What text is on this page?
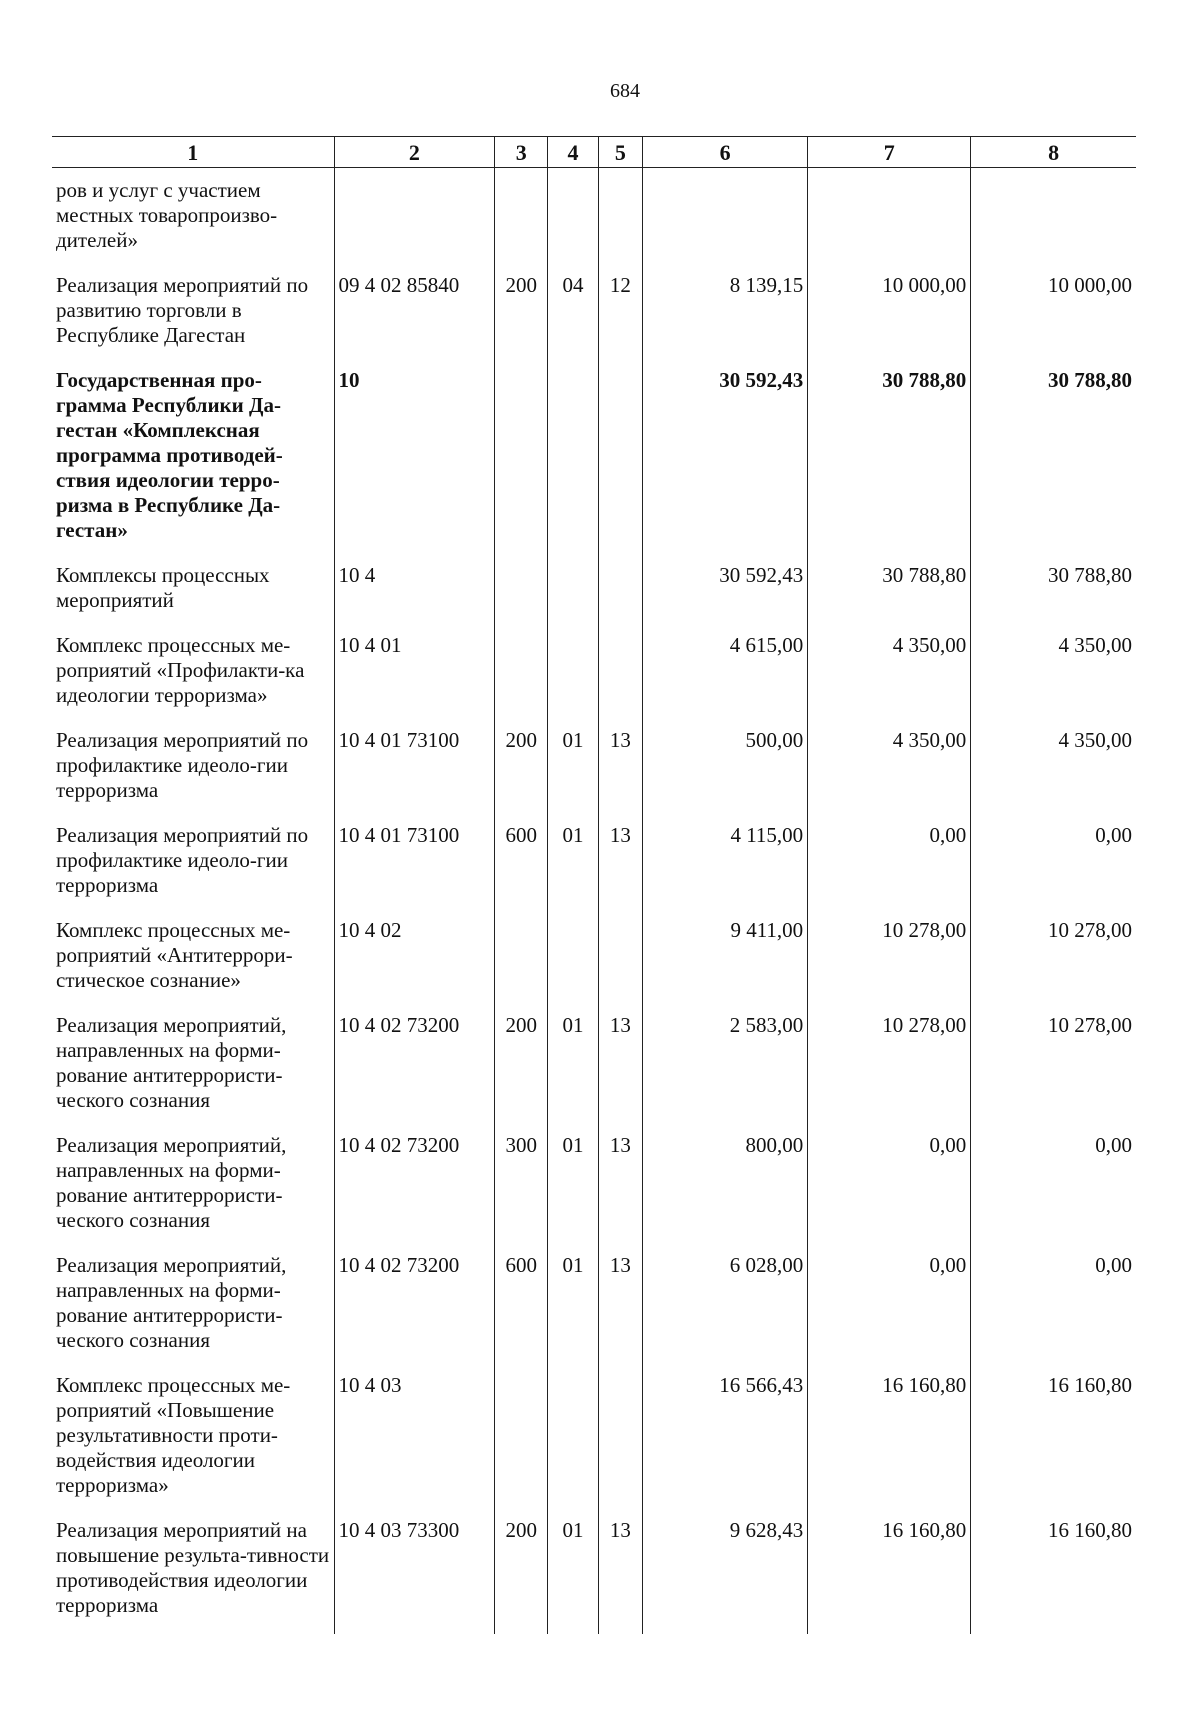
684
1	2	3	4	5	6	7	8
ров и услуг с участием местных товаропроизво-дителей»							
Реализация мероприятий по развитию торговли в Республике Дагестан	09 4 02 85840	200	04	12	8 139,15	10 000,00	10 000,00
Государственная про-грамма Республики Да-гестан «Комплексная программа противодей-ствия идеологии терро-ризма в Республике Да-гестан»	10				30 592,43	30 788,80	30 788,80
Комплексы процессных мероприятий	10 4				30 592,43	30 788,80	30 788,80
Комплекс процессных ме-роприятий «Профилакти-ка идеологии терроризма»	10 4 01				4 615,00	4 350,00	4 350,00
Реализация мероприятий по профилактике идеоло-гии терроризма	10 4 01 73100	200	01	13	500,00	4 350,00	4 350,00
Реализация мероприятий по профилактике идеоло-гии терроризма	10 4 01 73100	600	01	13	4 115,00	0,00	0,00
Комплекс процессных ме-роприятий «Антитеррори-стическое сознание»	10 4 02				9 411,00	10 278,00	10 278,00
Реализация мероприятий, направленных на форми-рование антитеррористи-ческого сознания	10 4 02 73200	200	01	13	2 583,00	10 278,00	10 278,00
Реализация мероприятий, направленных на форми-рование антитеррористи-ческого сознания	10 4 02 73200	300	01	13	800,00	0,00	0,00
Реализация мероприятий, направленных на форми-рование антитеррористи-ческого сознания	10 4 02 73200	600	01	13	6 028,00	0,00	0,00
Комплекс процессных ме-роприятий «Повышение результативности проти-водействия идеологии терроризма»	10 4 03				16 566,43	16 160,80	16 160,80
Реализация мероприятий на повышение результа-тивности противодействия идеологии терроризма	10 4 03 73300	200	01	13	9 628,43	16 160,80	16 160,80
